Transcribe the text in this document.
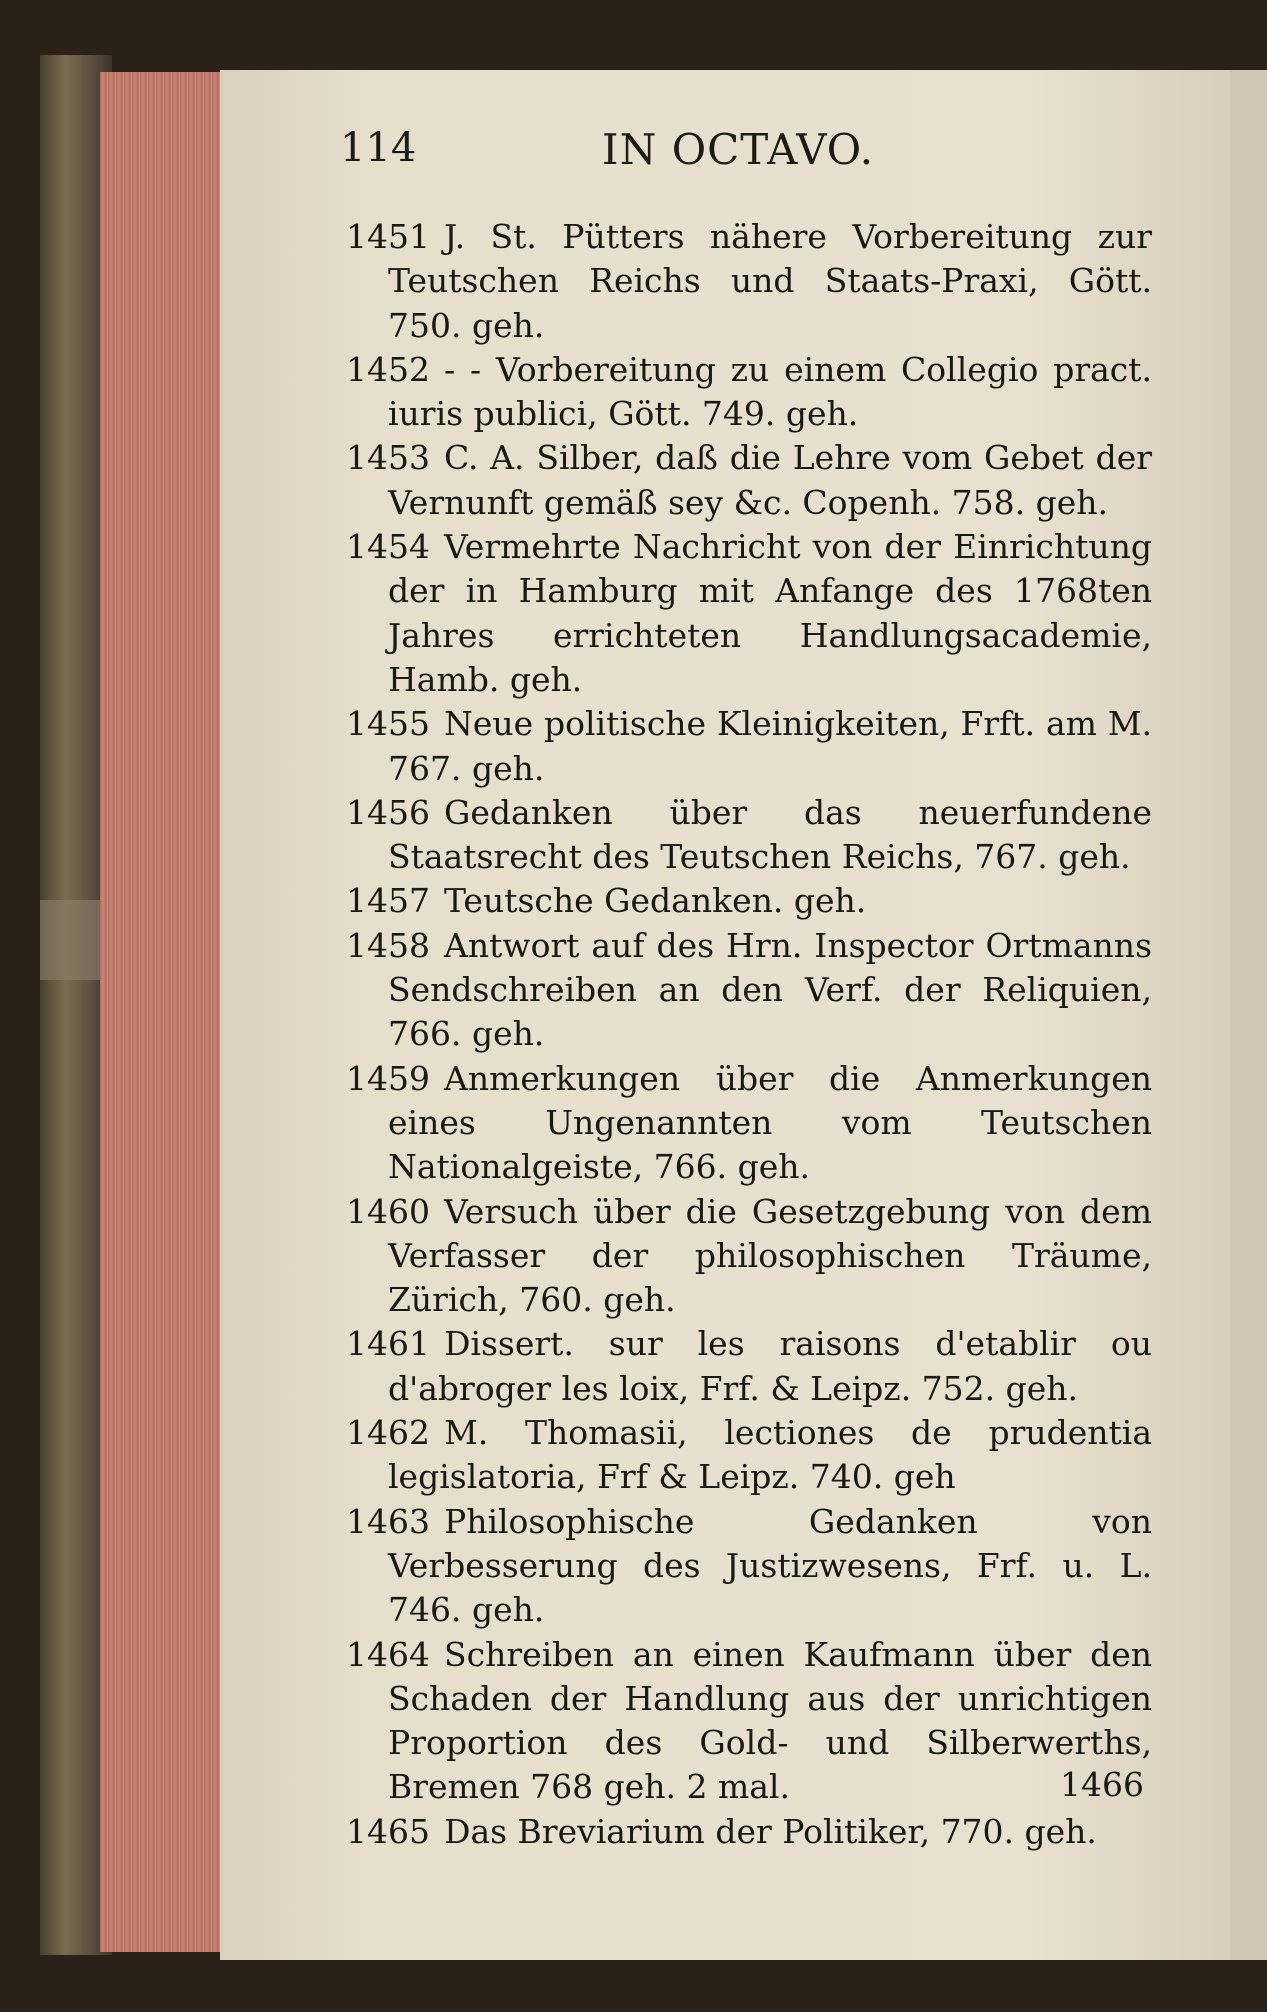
114	IN OCTAVO.
1451 J. St. Pütters nähere Vorbereitung zur Teutschen Reichs und Staats-Praxi, Gött. 750. geh.
1452 - - Vorbereitung zu einem Collegio pract. iuris publici, Gött. 749. geh.
1453 C. A. Silber, daß die Lehre vom Gebet der Vernunft gemäß sey &c. Copenh. 758. geh.
1454 Vermehrte Nachricht von der Einrichtung der in Hamburg mit Anfange des 1768ten Jahres errichteten Handlungsacademie, Hamb. geh.
1455 Neue politische Kleinigkeiten, Frft. am M. 767. geh.
1456 Gedanken über das neuerfundene Staatsrecht des Teutschen Reichs, 767. geh.
1457 Teutsche Gedanken. geh.
1458 Antwort auf des Hrn. Inspector Ortmanns Sendschreiben an den Verf. der Reliquien, 766. geh.
1459 Anmerkungen über die Anmerkungen eines Ungenannten vom Teutschen Nationalgeiste, 766. geh.
1460 Versuch über die Gesetzgebung von dem Verfasser der philosophischen Träume, Zürich, 760. geh.
1461 Dissert. sur les raisons d'etablir ou d'abroger les loix, Frf. & Leipz. 752. geh.
1462 M. Thomasii, lectiones de prudentia legislatoria, Frf & Leipz. 740. geh
1463 Philosophische Gedanken von Verbesserung des Justizwesens, Frf. u. L. 746. geh.
1464 Schreiben an einen Kaufmann über den Schaden der Handlung aus der unrichtigen Proportion des Gold- und Silberwerths, Bremen 768 geh. 2 mal.
1465 Das Breviarium der Politiker, 770. geh.
1466
